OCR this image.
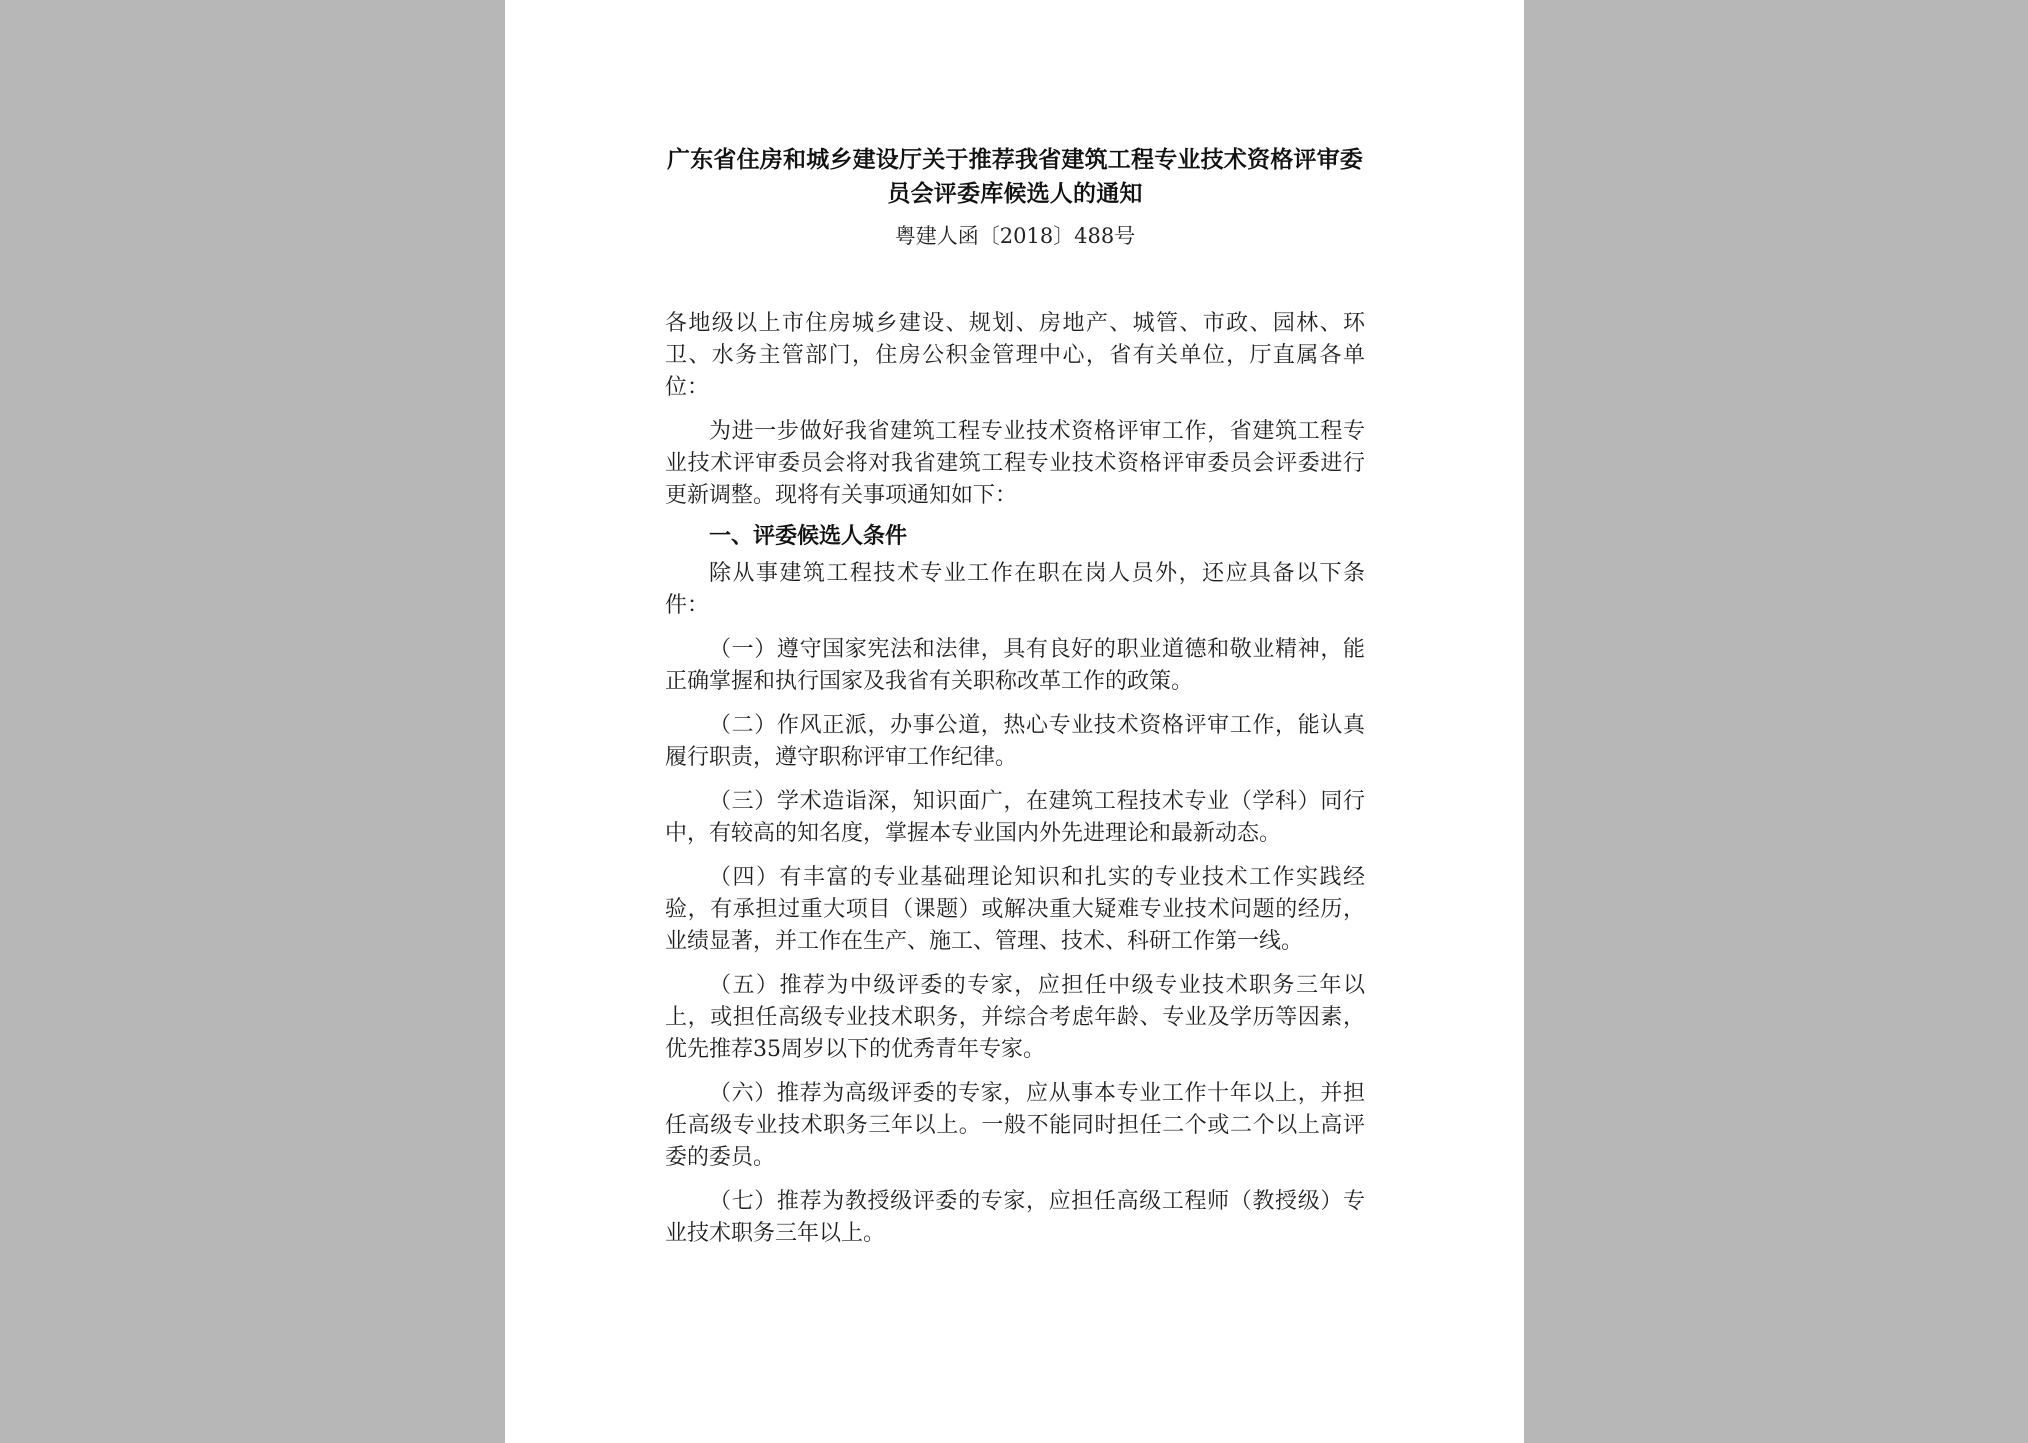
广东省住房和城乡建设厅关于推荐我省建筑工程专业技术资格评审委员会评委库候选人的通知

粤建人函〔2018〕488号

各地级以上市住房城乡建设、规划、房地产、城管、市政、园林、环卫、水务主管部门，住房公积金管理中心，省有关单位，厅直属各单位：

为进一步做好我省建筑工程专业技术资格评审工作，省建筑工程专业技术评审委员会将对我省建筑工程专业技术资格评审委员会评委进行更新调整。现将有关事项通知如下：

一、评委候选人条件

除从事建筑工程技术专业工作在职在岗人员外，还应具备以下条件：

（一）遵守国家宪法和法律，具有良好的职业道德和敬业精神，能正确掌握和执行国家及我省有关职称改革工作的政策。

（二）作风正派，办事公道，热心专业技术资格评审工作，能认真履行职责，遵守职称评审工作纪律。

（三）学术造诣深，知识面广，在建筑工程技术专业（学科）同行中，有较高的知名度，掌握本专业国内外先进理论和最新动态。

（四）有丰富的专业基础理论知识和扎实的专业技术工作实践经验，有承担过重大项目（课题）或解决重大疑难专业技术问题的经历，业绩显著，并工作在生产、施工、管理、技术、科研工作第一线。

（五）推荐为中级评委的专家，应担任中级专业技术职务三年以上，或担任高级专业技术职务，并综合考虑年龄、专业及学历等因素，优先推荐35周岁以下的优秀青年专家。

（六）推荐为高级评委的专家，应从事本专业工作十年以上，并担任高级专业技术职务三年以上。一般不能同时担任二个或二个以上高评委的委员。

（七）推荐为教授级评委的专家，应担任高级工程师（教授级）专业技术职务三年以上。
